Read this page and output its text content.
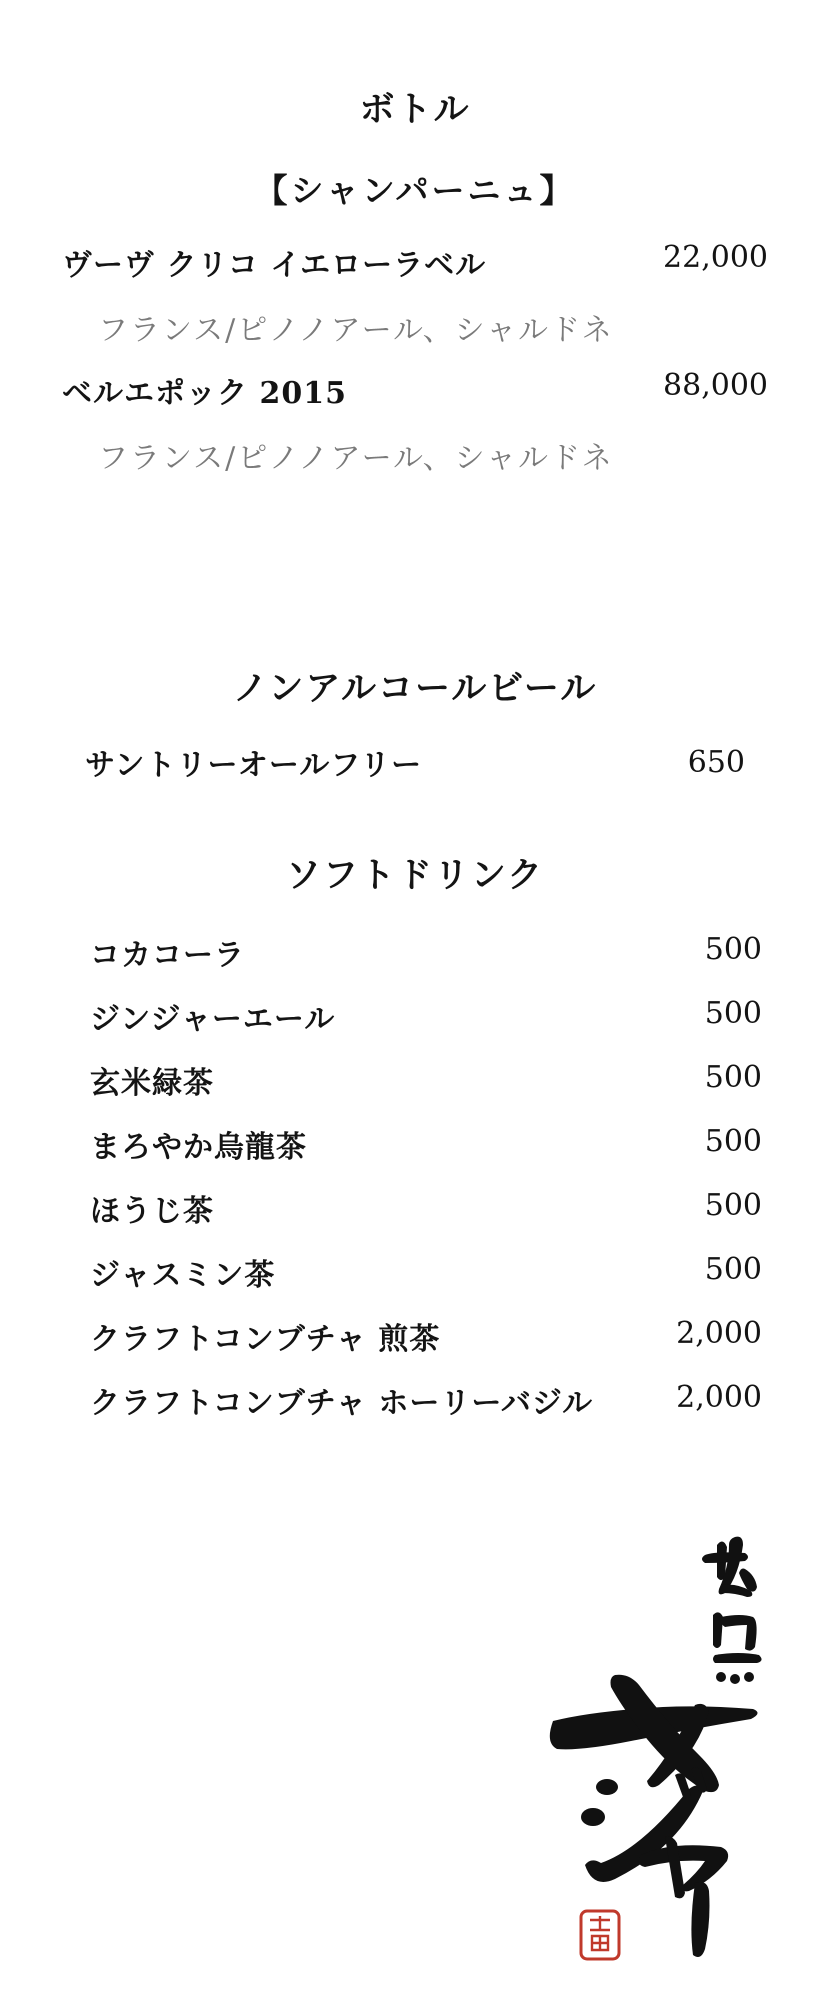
ボトル
【シャンパーニュ】
ヴーヴ クリコ イエローラベル	22,000
フランス/ピノノアール、シャルドネ
ベルエポック 2015	88,000
フランス/ピノノアール、シャルドネ
ノンアルコールビール
サントリーオールフリー	650
ソフトドリンク
コカコーラ	500
ジンジャーエール	500
玄米緑茶	500
まろやか烏龍茶	500
ほうじ茶	500
ジャスミン茶	500
クラフトコンブチャ 煎茶	2,000
クラフトコンブチャ ホーリーバジル	2,000
